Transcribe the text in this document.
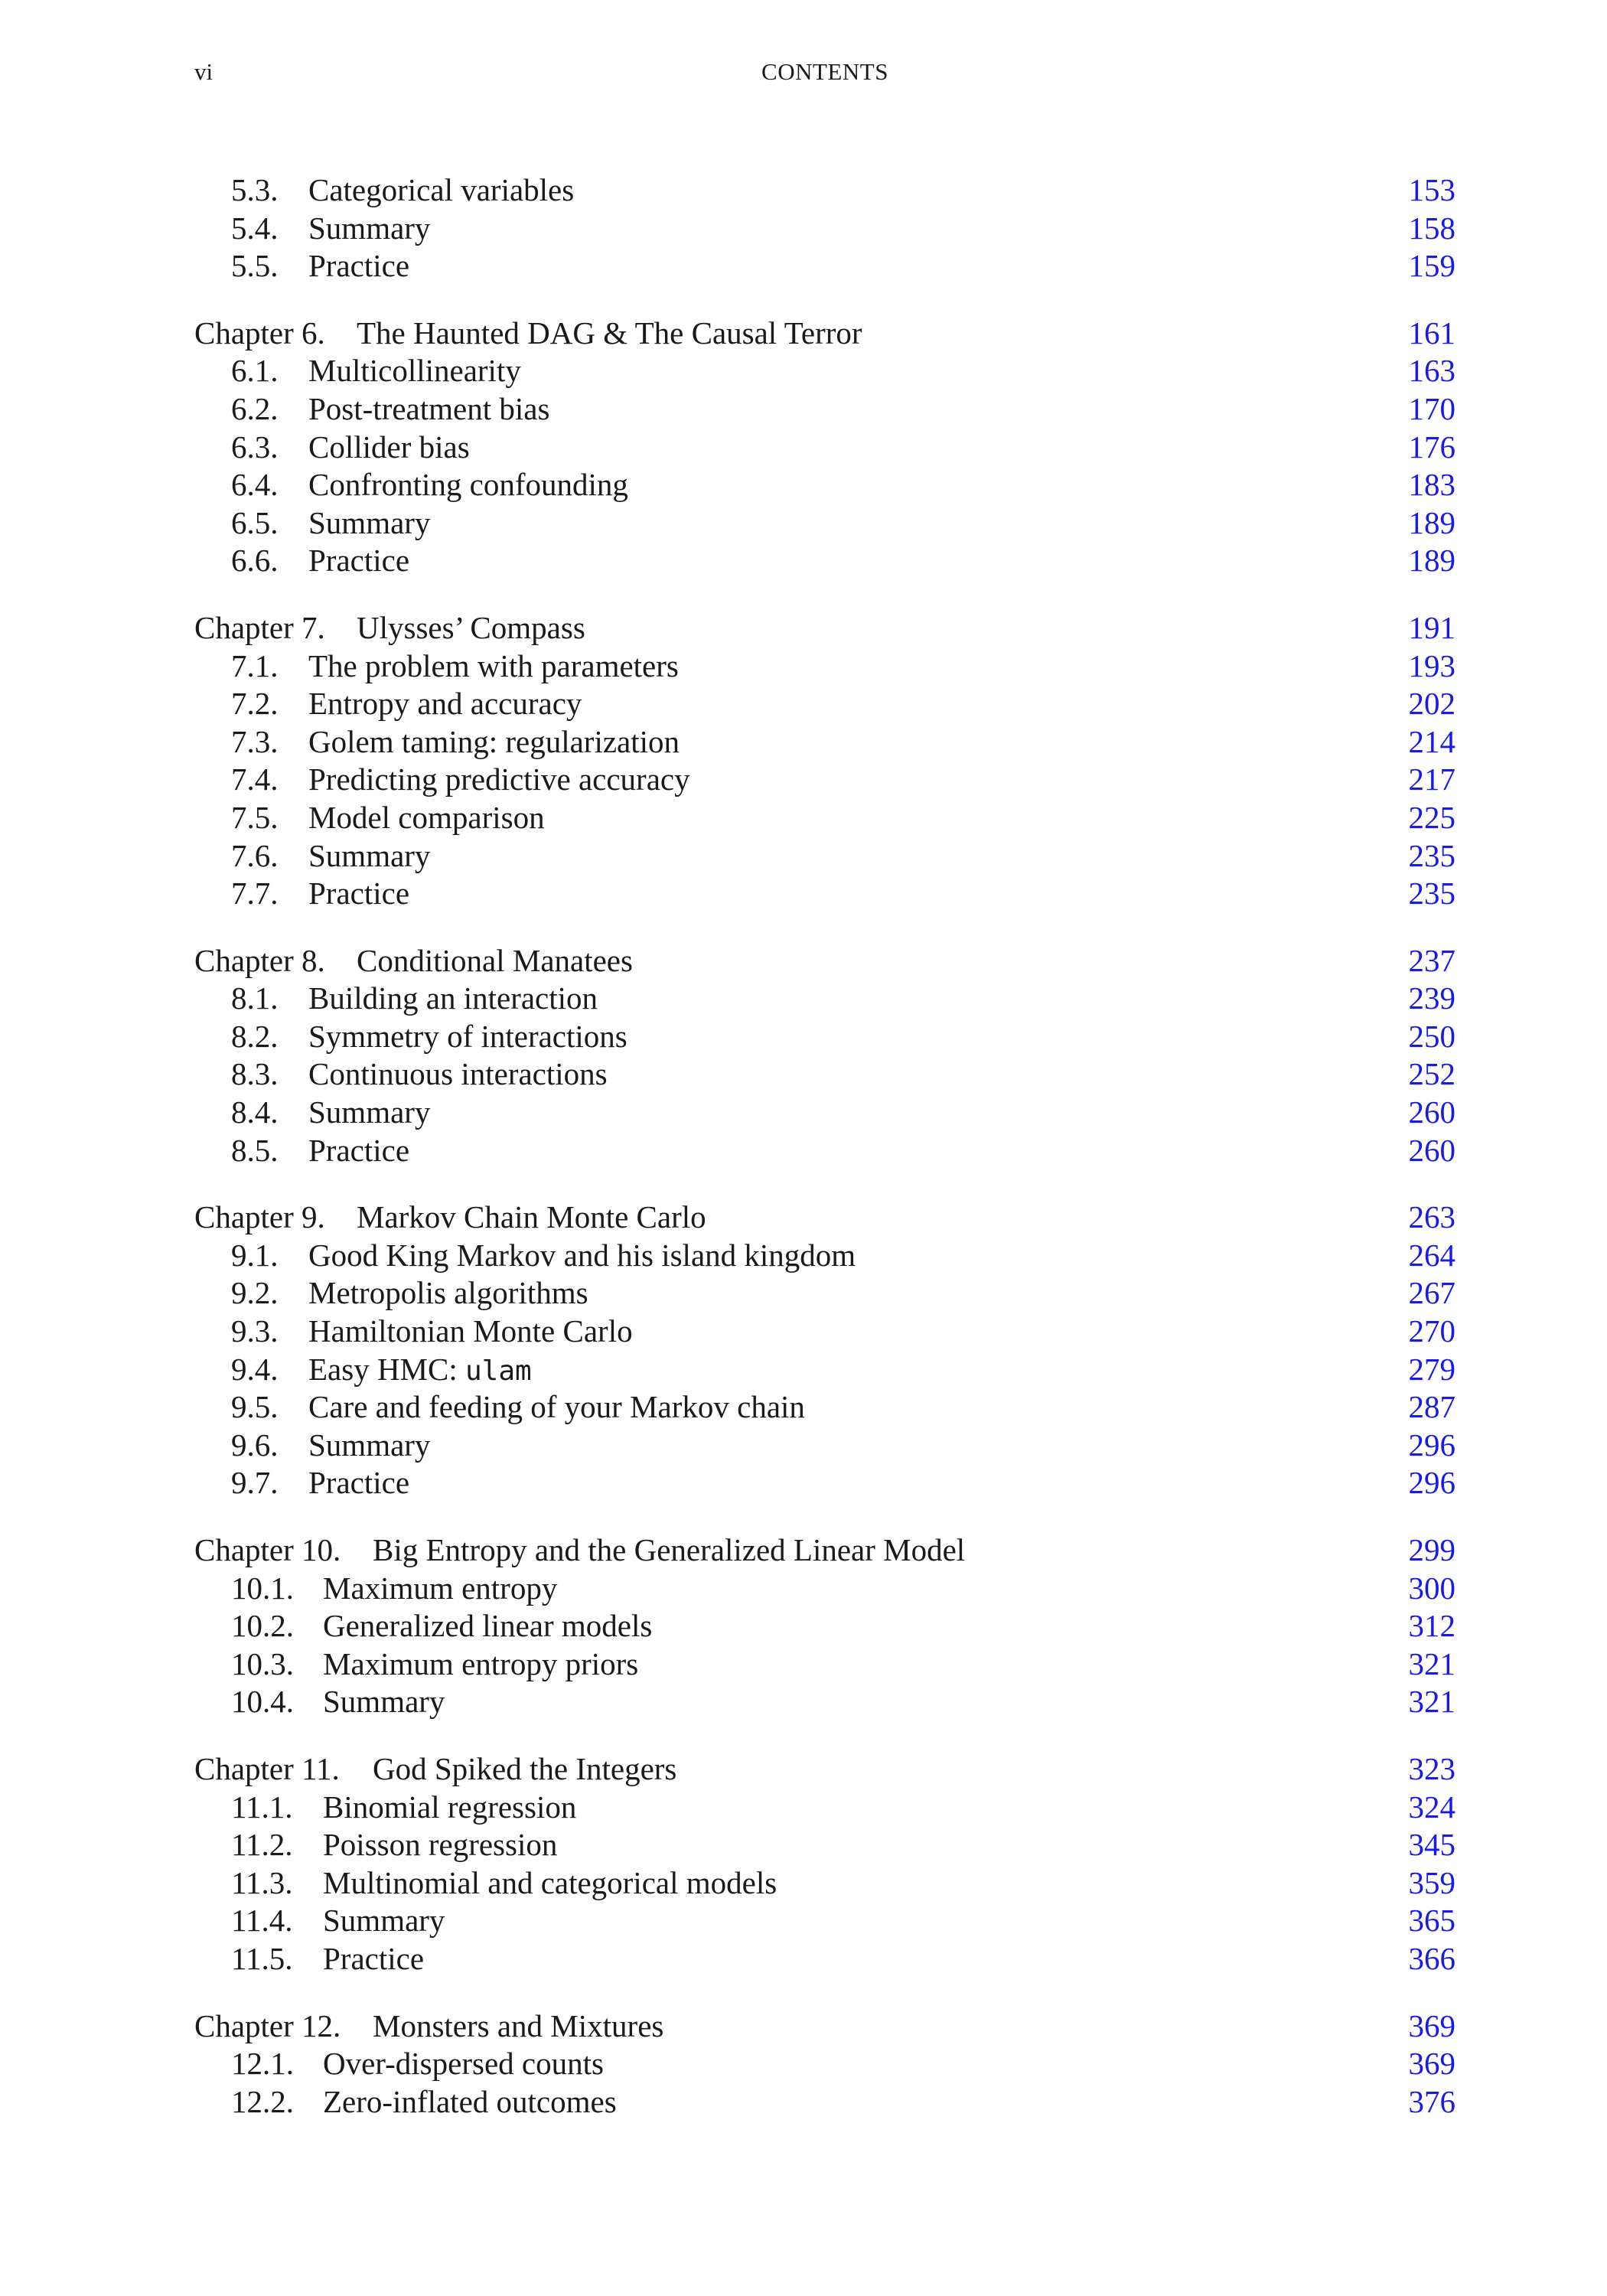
vi	CONTENTS
5.3. Categorical variables	153
5.4. Summary	158
5.5. Practice	159
Chapter 6. The Haunted DAG & The Causal Terror	161
6.1. Multicollinearity	163
6.2. Post-treatment bias	170
6.3. Collider bias	176
6.4. Confronting confounding	183
6.5. Summary	189
6.6. Practice	189
Chapter 7. Ulysses’ Compass	191
7.1. The problem with parameters	193
7.2. Entropy and accuracy	202
7.3. Golem taming: regularization	214
7.4. Predicting predictive accuracy	217
7.5. Model comparison	225
7.6. Summary	235
7.7. Practice	235
Chapter 8. Conditional Manatees	237
8.1. Building an interaction	239
8.2. Symmetry of interactions	250
8.3. Continuous interactions	252
8.4. Summary	260
8.5. Practice	260
Chapter 9. Markov Chain Monte Carlo	263
9.1. Good King Markov and his island kingdom	264
9.2. Metropolis algorithms	267
9.3. Hamiltonian Monte Carlo	270
9.4. Easy HMC: ulam	279
9.5. Care and feeding of your Markov chain	287
9.6. Summary	296
9.7. Practice	296
Chapter 10. Big Entropy and the Generalized Linear Model	299
10.1. Maximum entropy	300
10.2. Generalized linear models	312
10.3. Maximum entropy priors	321
10.4. Summary	321
Chapter 11. God Spiked the Integers	323
11.1. Binomial regression	324
11.2. Poisson regression	345
11.3. Multinomial and categorical models	359
11.4. Summary	365
11.5. Practice	366
Chapter 12. Monsters and Mixtures	369
12.1. Over-dispersed counts	369
12.2. Zero-inflated outcomes	376
